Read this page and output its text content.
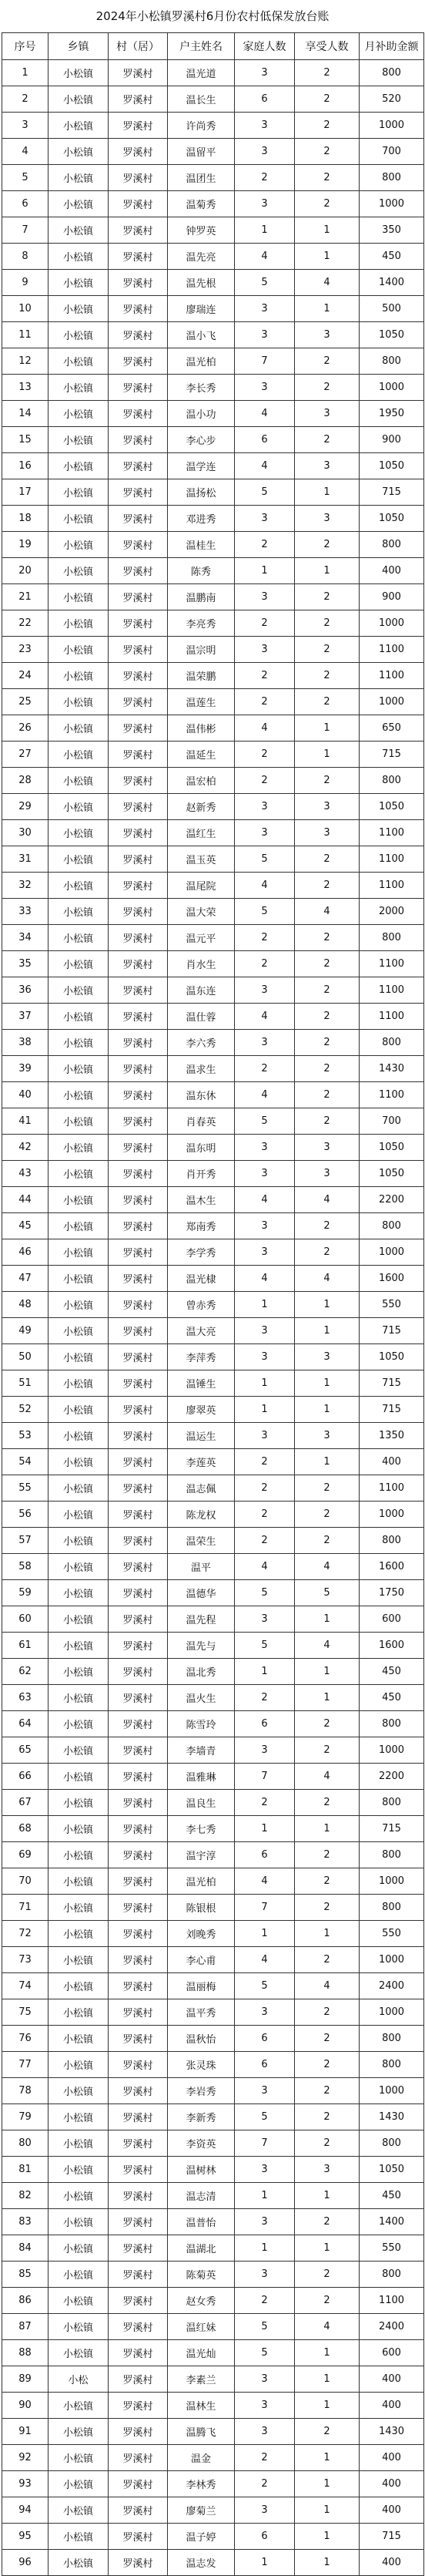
2024年小松镇罗溪村6月份农村低保发放台账
序号	乡镇	村（居）	户主姓名	家庭人数	享受人数	月补助金额
1	小松镇	罗溪村	温光道	3	2	800
2	小松镇	罗溪村	温长生	6	2	520
3	小松镇	罗溪村	许尚秀	3	2	1000
4	小松镇	罗溪村	温留平	3	2	700
5	小松镇	罗溪村	温团生	2	2	800
6	小松镇	罗溪村	温菊秀	3	2	1000
7	小松镇	罗溪村	钟罗英	1	1	350
8	小松镇	罗溪村	温先亮	4	1	450
9	小松镇	罗溪村	温先根	5	4	1400
10	小松镇	罗溪村	廖瑞连	3	1	500
11	小松镇	罗溪村	温小飞	3	3	1050
12	小松镇	罗溪村	温光柏	7	2	800
13	小松镇	罗溪村	李长秀	3	2	1000
14	小松镇	罗溪村	温小功	4	3	1950
15	小松镇	罗溪村	李心步	6	2	900
16	小松镇	罗溪村	温学连	4	3	1050
17	小松镇	罗溪村	温扬松	5	1	715
18	小松镇	罗溪村	邓进秀	3	3	1050
19	小松镇	罗溪村	温桂生	2	2	800
20	小松镇	罗溪村	陈秀	1	1	400
21	小松镇	罗溪村	温鹏南	3	2	900
22	小松镇	罗溪村	李亮秀	2	2	1000
23	小松镇	罗溪村	温宗明	3	2	1100
24	小松镇	罗溪村	温荣鹏	2	2	1100
25	小松镇	罗溪村	温莲生	2	2	1000
26	小松镇	罗溪村	温伟彬	4	1	650
27	小松镇	罗溪村	温延生	2	1	715
28	小松镇	罗溪村	温宏柏	2	2	800
29	小松镇	罗溪村	赵新秀	3	3	1050
30	小松镇	罗溪村	温红生	3	3	1100
31	小松镇	罗溪村	温玉英	5	2	1100
32	小松镇	罗溪村	温尾院	4	2	1100
33	小松镇	罗溪村	温大荣	5	4	2000
34	小松镇	罗溪村	温元平	2	2	800
35	小松镇	罗溪村	肖水生	2	2	1100
36	小松镇	罗溪村	温东连	3	2	1100
37	小松镇	罗溪村	温仕蓉	4	2	1100
38	小松镇	罗溪村	李六秀	3	2	800
39	小松镇	罗溪村	温求生	2	2	1430
40	小松镇	罗溪村	温东休	4	2	1100
41	小松镇	罗溪村	肖春英	5	2	700
42	小松镇	罗溪村	温东明	3	3	1050
43	小松镇	罗溪村	肖开秀	3	3	1050
44	小松镇	罗溪村	温木生	4	4	2200
45	小松镇	罗溪村	郑南秀	3	2	800
46	小松镇	罗溪村	李学秀	3	2	1000
47	小松镇	罗溪村	温光棣	4	4	1600
48	小松镇	罗溪村	曾赤秀	1	1	550
49	小松镇	罗溪村	温大亮	3	1	715
50	小松镇	罗溪村	李萍秀	3	3	1050
51	小松镇	罗溪村	温锤生	1	1	715
52	小松镇	罗溪村	廖翠英	1	1	715
53	小松镇	罗溪村	温运生	3	3	1350
54	小松镇	罗溪村	李莲英	2	1	400
55	小松镇	罗溪村	温志佩	2	2	1100
56	小松镇	罗溪村	陈龙权	2	2	1000
57	小松镇	罗溪村	温荣生	2	2	800
58	小松镇	罗溪村	温平	4	4	1600
59	小松镇	罗溪村	温德华	5	5	1750
60	小松镇	罗溪村	温先程	3	1	600
61	小松镇	罗溪村	温先与	5	4	1600
62	小松镇	罗溪村	温北秀	1	1	450
63	小松镇	罗溪村	温火生	2	1	450
64	小松镇	罗溪村	陈雪玲	6	2	800
65	小松镇	罗溪村	李墙青	3	2	1000
66	小松镇	罗溪村	温雅琳	7	4	2200
67	小松镇	罗溪村	温良生	2	2	800
68	小松镇	罗溪村	李七秀	1	1	715
69	小松镇	罗溪村	温宇淳	6	2	800
70	小松镇	罗溪村	温光柏	4	2	1000
71	小松镇	罗溪村	陈银根	7	2	800
72	小松镇	罗溪村	刘晚秀	1	1	550
73	小松镇	罗溪村	李心甫	4	2	1000
74	小松镇	罗溪村	温丽梅	5	4	2400
75	小松镇	罗溪村	温平秀	3	2	1000
76	小松镇	罗溪村	温秋怡	6	2	800
77	小松镇	罗溪村	张灵珠	6	2	800
78	小松镇	罗溪村	李岩秀	3	2	1000
79	小松镇	罗溪村	李新秀	5	2	1430
80	小松镇	罗溪村	李资英	7	2	800
81	小松镇	罗溪村	温树林	3	3	1050
82	小松镇	罗溪村	温志清	1	1	450
83	小松镇	罗溪村	温普怡	3	2	1400
84	小松镇	罗溪村	温湖北	1	1	550
85	小松镇	罗溪村	陈菊英	3	2	800
86	小松镇	罗溪村	赵女秀	2	2	1100
87	小松镇	罗溪村	温红妹	5	4	2400
88	小松镇	罗溪村	温光灿	5	1	600
89	小松	罗溪村	李素兰	3	1	400
90	小松镇	罗溪村	温林生	3	1	400
91	小松镇	罗溪村	温腾飞	3	2	1430
92	小松镇	罗溪村	温金	2	1	400
93	小松镇	罗溪村	李林秀	2	1	400
94	小松镇	罗溪村	廖菊兰	3	1	400
95	小松镇	罗溪村	温子婷	6	1	715
96	小松镇	罗溪村	温志发	1	1	400
